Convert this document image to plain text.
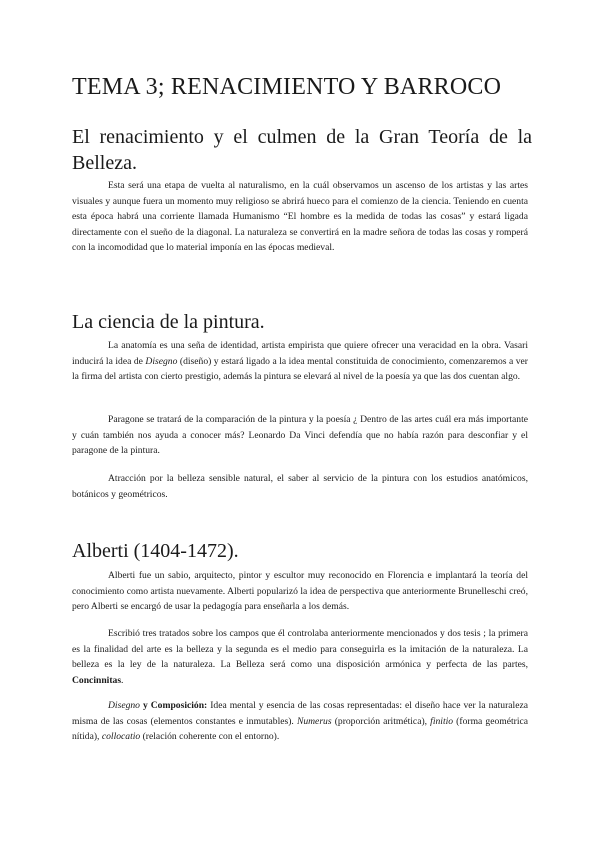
TEMA 3; RENACIMIENTO Y BARROCO
El renacimiento y el culmen de la Gran Teoría de la Belleza.

Esta será una etapa de vuelta al naturalismo, en la cuál observamos un ascenso de los artistas y las artes visuales y aunque fuera un momento muy religioso se abrirá hueco para el comienzo de la ciencia. Teniendo en cuenta esta época habrá una corriente llamada Humanismo “El hombre es la medida de todas las cosas” y estará ligada directamente con el sueño de la diagonal. La naturaleza se convertirá en la madre señora de todas las cosas y romperá con la incomodidad que lo material imponía en las épocas medieval.

La ciencia de la pintura.

La anatomía es una seña de identidad, artista empirista que quiere ofrecer una veracidad en la obra. Vasari inducirá la idea de Disegno (diseño) y estará ligado a la idea mental constituida de conocimiento, comenzaremos a ver la firma del artista con cierto prestigio, además la pintura se elevará al nivel de la poesía ya que las dos cuentan algo.

Paragone se tratará de la comparación de la pintura y la poesía ¿ Dentro de las artes cuál era más importante y cuán también nos ayuda a conocer más? Leonardo Da Vinci defendía que no había razón para desconfiar y el paragone de la pintura.

Atracción por la belleza sensible natural, el saber al servicio de la pintura con los estudios anatómicos, botánicos y geométricos.

Alberti (1404-1472).

Alberti fue un sabio, arquitecto, pintor y escultor muy reconocido en Florencia e implantará la teoría del conocimiento como artista nuevamente. Alberti popularizó la idea de perspectiva que anteriormente Brunelleschi creó, pero Alberti se encargó de usar la pedagogía para enseñarla a los demás.

Escribió tres tratados sobre los campos que él controlaba anteriormente mencionados y dos tesis ; la primera es la finalidad del arte es la belleza y la segunda es el medio para conseguirla es la imitación de la naturaleza. La belleza es la ley de la naturaleza. La Belleza será como una disposición armónica y perfecta de las partes, Concinnitas.

Disegno y Composición: Idea mental y esencia de las cosas representadas: el diseño hace ver la naturaleza misma de las cosas (elementos constantes e inmutables). Numerus (proporción aritmética), finitio (forma geométrica nítida), collocatio (relación coherente con el entorno).
